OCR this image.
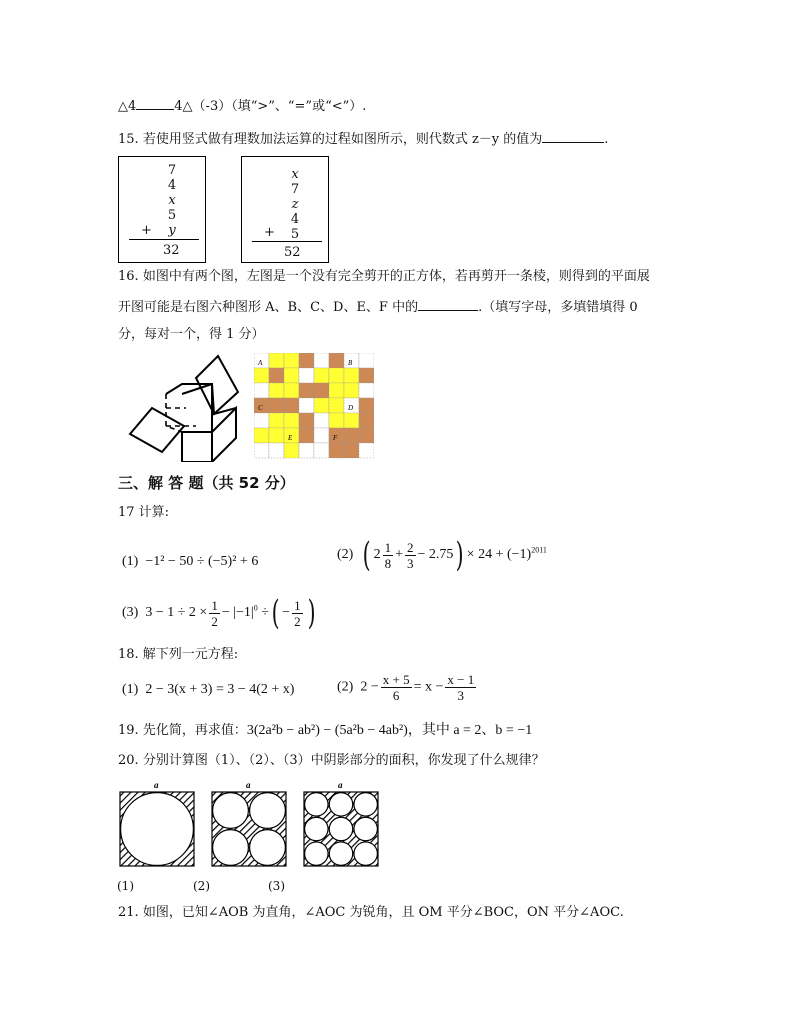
△4	4△（-3）（填“>”、“=”或“<”）.
15. 若使用竖式做有理数加法运算的过程如图所示，则代数式 z－y 的值为	.
7
4
x
5
y
+
32
x
7
z
4
5
+
52
16. 如图中有两个图，左图是一个没有完全剪开的正方体，若再剪开一条棱，则得到的平面展
开图可能是右图六种图形 A、B、C、D、E、F 中的	.（填写字母，多填错填得 0
分，每对一个，得 1 分）
A	B
C	D
E	F
三、解 答 题（共 52 分）
17 计算:
(1) −1² − 50 ÷ (−5)² + 6	(2) ( $2 \frac{1}{8} + \frac{2}{3} - 2.75) \times 24 + (-1)^{2011}$
(3) $3 - 1 \div 2 \times \frac{1}{2} - |-1|^0$ ÷( − $\frac{1}{2}$ )
18. 解下列一元方程:
(1) 2 − 3(x + 3) = 3 − 4(2 + x)	(2) $2 - \frac{x + 5}{6} = x - \frac{x - 1}{3}$
19. 先化简，再求值：3(2a²b − ab²) − (5a²b − 4ab²)，其中 a = 2、b = −1
20. 分别计算图（1）、（2）、（3）中阴影部分的面积，你发现了什么规律？
a	a	a
(1)	(2)	(3)
21. 如图，已知∠AOB 为直角，∠AOC 为锐角，且 OM 平分∠BOC，ON 平分∠AOC.
